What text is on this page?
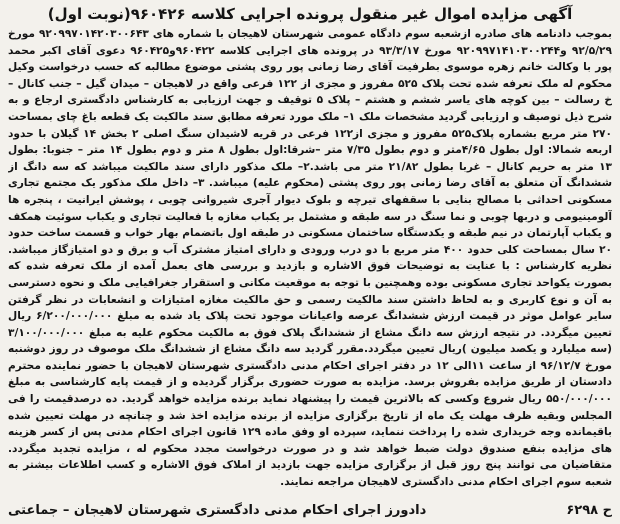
آگهی مزایده اموال غیر منقول پرونده اجرایی کلاسه ۹۶۰۴۲۶(نوبت اول)

بموجب دادنامه های صادره ازشعبه سوم دادگاه عمومی شهرستان لاهیجان با شماره های ۹۲۰۹۹۷۰۱۴۲۰۳۰۰۶۴۳ مورخ ۹۲/۵/۲۹ و۹۲۰۹۹۷۱۴۱۰۳۰۰۲۴۴ مورخ ۹۳/۳/۱۷ در پرونده های اجرایی کلاسه ۹۶۰۴۲۲و۹۶۰۴۲۵ دعوی آقای اکبر محمد پور با وکالت خانم زهره موسوی بطرفیت آقای رضا زمانی پور روی پشتی موضوع مطالبه که حسب درخواست وکیل محکوم له ملک تعرفه شده تحت پلاک ۵۲۵ مفروز و مجزی از ۱۲۲ فرعی واقع در لاهیجان – میدان گیل – جنب کانال – خ رسالت – بین کوچه های یاسر ششم و هشتم – پلاک ۵ توقیف و جهت ارزیابی به کارشناس دادگستری ارجاع و به شرح ذیل توصیف و ارزیابی گردید مشخصات ملک ۱– ملک مورد تعرفه مطابق سند مالکیت یک قطعه باغ چای بمساحت ۲۷۰ متر مربع بشماره پلاک۵۲۵ مفروز و مجزی از۱۲۲ فرعی در قریه لاشیدان سنگ اصلی ۲ بخش ۱۴ گیلان با حدود اربعه شمالا: اول بطول ۴/۶۵متر و دوم بطول ۷/۳۵ متر –شرقا:اول بطول ۸ متر و دوم بطول ۱۴ متر – جنوبا: بطول ۱۳ متر به حریم کانال – غربا بطول ۲۱/۸۲ متر می باشد.۲– ملک مذکور دارای سند مالکیت میباشد که سه دانگ از ششدانگ آن متعلق به آقای رضا زمانی پور روی پشتی (محکوم علیه) میباشد. ۳– داخل ملک مذکور یک مجتمع تجاری مسکونی احداثی با مصالح بنایی با سقفهای تیرچه و بلوک دیوار آجری شیروانی چوبی ، پوشش ایرانیت ، پنجره ها آلومینیومی و دربها چوبی و نما سنگ در سه طبقه و مشتمل بر یکباب مغازه با فعالیت تجاری و یکباب سوئیت همکف و یکباب آپارتمان در نیم طبقه و یکدستگاه ساختمان مسکونی در طبقه اول باتضمام بهار خواب و قسمت ساخت حدود ۲۰ سال بمساحت کلی حدود ۴۰۰ متر مربع با دو درب ورودی و دارای امتیاز مشترک آب و برق و دو امتیازگاز میباشد. نظریه کارشناس : با عنایت به توضیحات فوق الاشاره و بازدید و بررسی های بعمل آمده از ملک تعرفه شده که بصورت یکواحد تجاری مسکونی بوده وهمچنین با توجه به موقعیت مکانی و استقرار جغرافیایی ملک و نحوه دسترسی به آن و نوع کاربری و به لحاظ داشتن سند مالکیت رسمی و حق مالکیت مغازه امتیازات و انشعابات در نظر گرفتن سایر عوامل موثر در قیمت ارزش ششدانگ عرصه واعیانات موجود تحت پلاک یاد شده به مبلغ ۶/۲۰۰/۰۰۰/۰۰۰ ریال تعیین میگردد. در نتیجه ارزش سه دانگ مشاع از ششدانگ پلاک فوق به مالکیت محکوم علیه به مبلغ ۳/۱۰۰/۰۰۰/۰۰۰ (سه میلیارد و یکصد میلیون )ریال تعیین میگردد.مقرر گردید سه دانگ مشاع از ششدانگ ملک موصوف در روز دوشنبه مورخ ۹۶/۱۲/۷ از ساعت ۱۱الی ۱۲ در دفتر اجرای احکام مدنی دادگستری شهرستان لاهیجان با حضور نماینده محترم دادستان از طریق مزایده بفروش برسد. مزایده به صورت حضوری برگزار گردیده و از قیمت پایه کارشناسی به مبلغ ۵۵۰/۰۰۰/۰۰۰ ریال شروع وکسی که بالاترین قیمت را پیشنهاد نماید برنده مزایده خواهد گردید. ده درصدقیمت را فی المجلس وبقیه ظرف مهلت یک ماه از تاریخ برگزاری مزایده از برنده مزایده اخذ شد و چنانچه در مهلت تعیین شده باقیمانده وجه خریداری شده را پرداخت ننماید، سپرده او وفق ماده ۱۲۹ قانون اجرای احکام مدنی پس از کسر هزینه های مزایده بنفع صندوق دولت ضبط خواهد شد و در صورت درخواست مجدد محکوم له ، مزایده تجدید میگردد. متقاضیان می توانند پنج روز قبل از برگزاری مزایده جهت بازدید از املاک فوق الاشاره و کسب اطلاعات بیشتر به شعبه سوم اجرای احکام مدنی دادگستری لاهیجان مراجعه نمایند.

ح ۶۲۹۸
دادورز اجرای احکام مدنی دادگستری شهرستان لاهیجان – جماعتی
